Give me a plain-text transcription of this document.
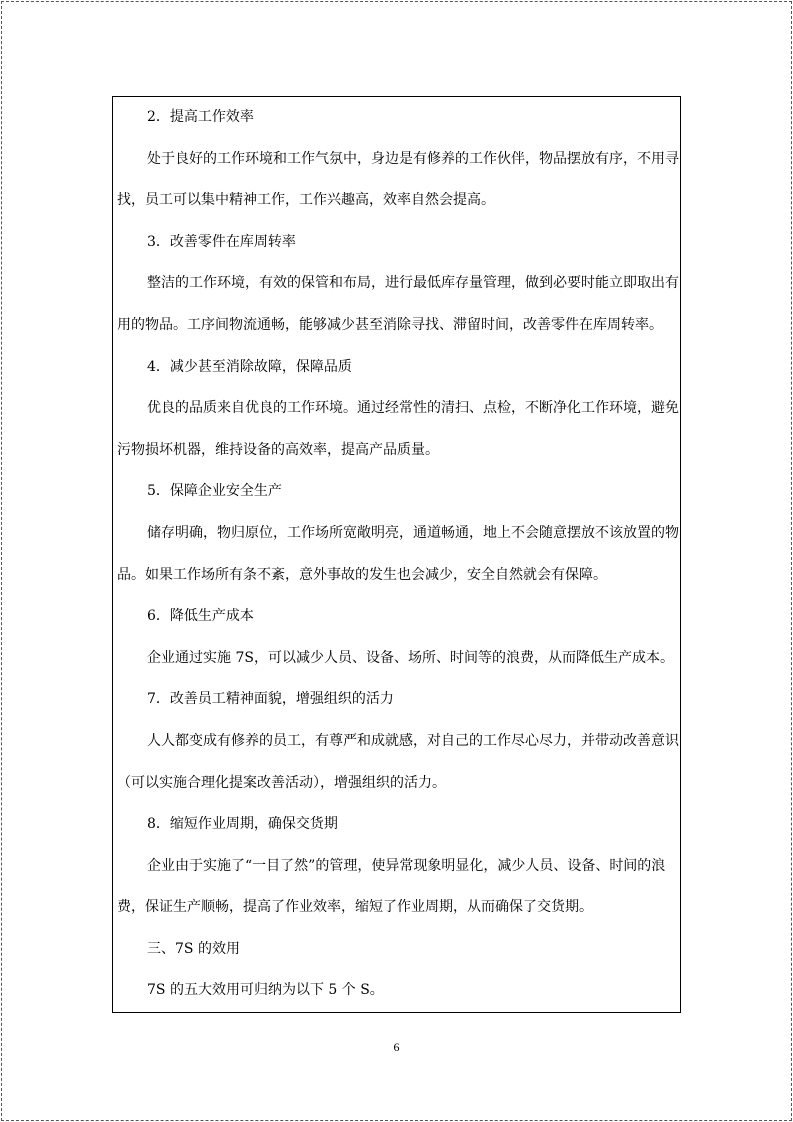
2．提高工作效率
处于良好的工作环境和工作气氛中，身边是有修养的工作伙伴，物品摆放有序，不用寻
找，员工可以集中精神工作，工作兴趣高，效率自然会提高。
3．改善零件在库周转率
整洁的工作环境，有效的保管和布局，进行最低库存量管理，做到必要时能立即取出有
用的物品。工序间物流通畅，能够减少甚至消除寻找、滞留时间，改善零件在库周转率。
4．减少甚至消除故障，保障品质
优良的品质来自优良的工作环境。通过经常性的清扫、点检，不断净化工作环境，避免
污物损坏机器，维持设备的高效率，提高产品质量。
5．保障企业安全生产
储存明确，物归原位，工作场所宽敞明亮，通道畅通，地上不会随意摆放不该放置的物
品。如果工作场所有条不紊，意外事故的发生也会减少，安全自然就会有保障。
6．降低生产成本
企业通过实施 7S，可以减少人员、设备、场所、时间等的浪费，从而降低生产成本。
7．改善员工精神面貌，增强组织的活力
人人都变成有修养的员工，有尊严和成就感，对自己的工作尽心尽力，并带动改善意识
（可以实施合理化提案改善活动），增强组织的活力。
8．缩短作业周期，确保交货期
企业由于实施了“一目了然”的管理，使异常现象明显化，减少人员、设备、时间的浪
费，保证生产顺畅，提高了作业效率，缩短了作业周期，从而确保了交货期。
三、7S 的效用
7S 的五大效用可归纳为以下 5 个 S。
6
